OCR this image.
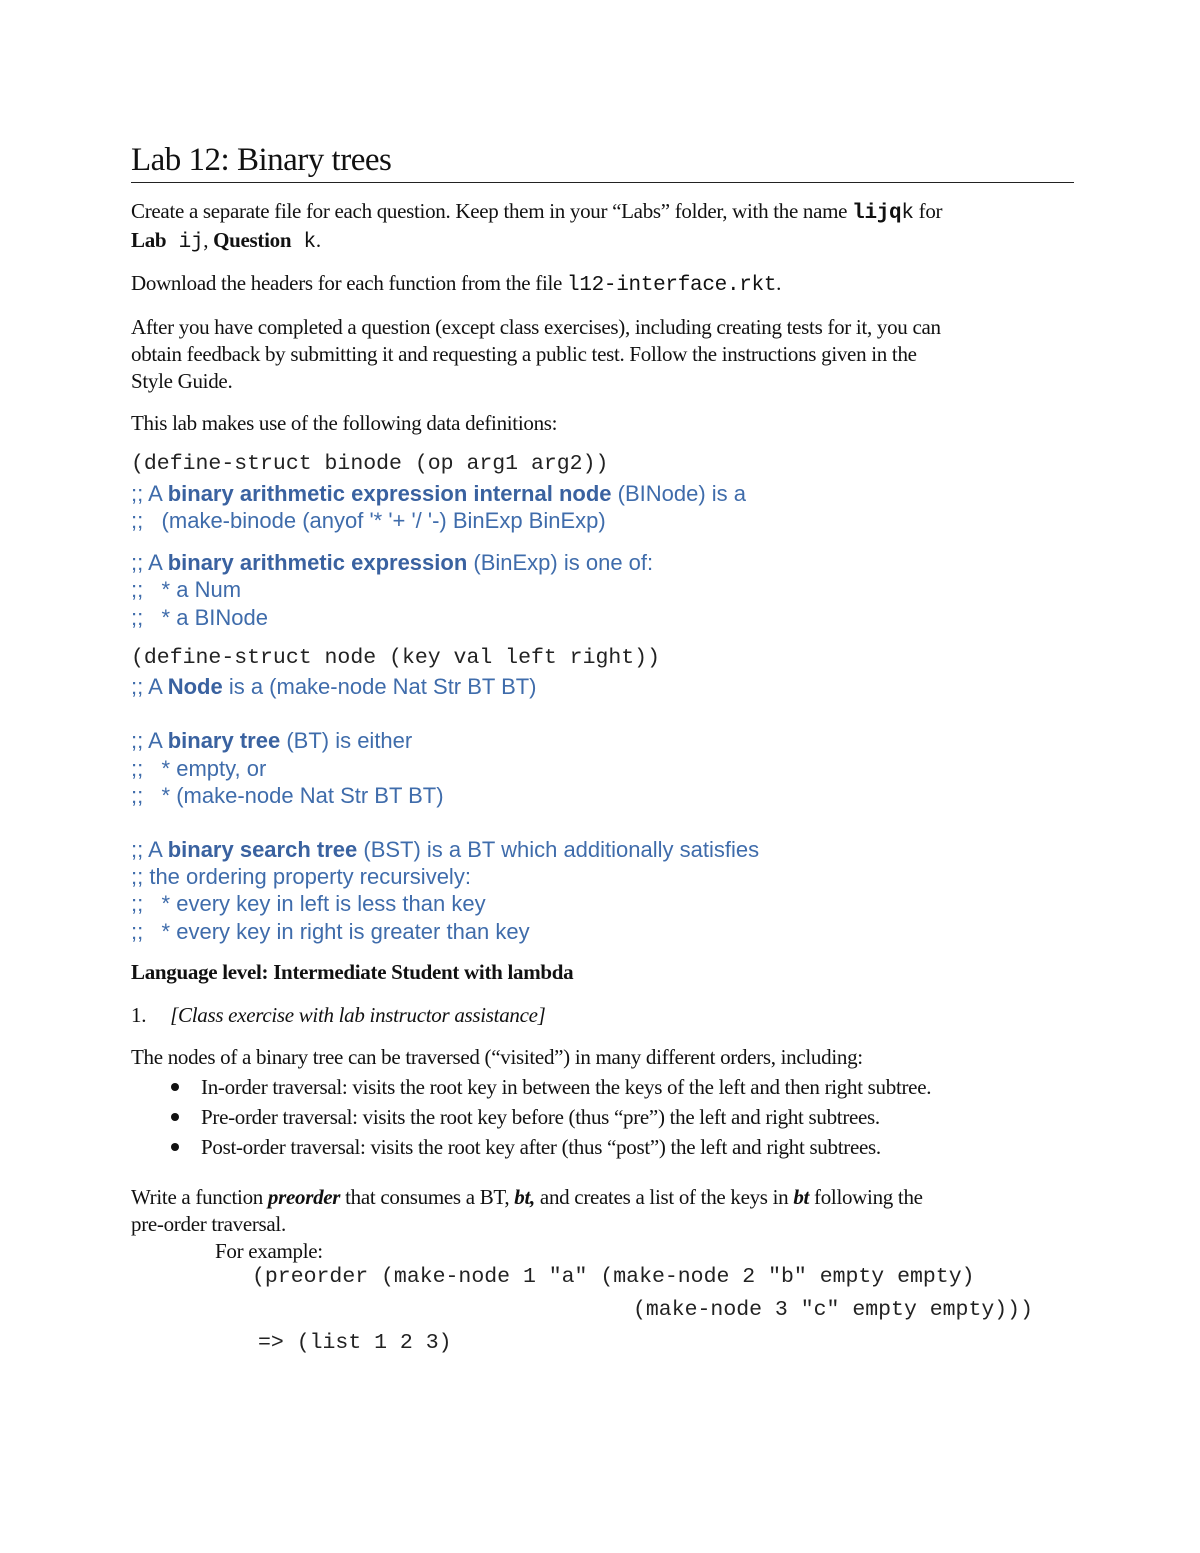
Lab 12: Binary trees
Create a separate file for each question. Keep them in your “Labs” folder, with the name lijqk for
Lab ij, Question k.
Download the headers for each function from the file l12-interface.rkt.
After you have completed a question (except class exercises), including creating tests for it, you can
obtain feedback by submitting it and requesting a public test. Follow the instructions given in the
Style Guide.
This lab makes use of the following data definitions:
(define-struct binode (op arg1 arg2))
;; A binary arithmetic expression internal node (BINode) is a
;;   (make-binode (anyof '* '+ '/ '-) BinExp BinExp)
;; A binary arithmetic expression (BinExp) is one of:
;;   * a Num
;;   * a BINode
(define-struct node (key val left right))
;; A Node is a (make-node Nat Str BT BT)
;; A binary tree (BT) is either
;;   * empty, or
;;   * (make-node Nat Str BT BT)
;; A binary search tree (BST) is a BT which additionally satisfies
;; the ordering property recursively:
;;   * every key in left is less than key
;;   * every key in right is greater than key
Language level: Intermediate Student with lambda
1. [Class exercise with lab instructor assistance]
The nodes of a binary tree can be traversed (“visited”) in many different orders, including:
In-order traversal: visits the root key in between the keys of the left and then right subtree.
Pre-order traversal: visits the root key before (thus “pre”) the left and right subtrees.
Post-order traversal: visits the root key after (thus “post”) the left and right subtrees.
Write a function preorder that consumes a BT, bt, and creates a list of the keys in bt following the
pre-order traversal.
For example:
(preorder (make-node 1 "a" (make-node 2 "b" empty empty)
(make-node 3 "c" empty empty)))
=> (list 1 2 3)
